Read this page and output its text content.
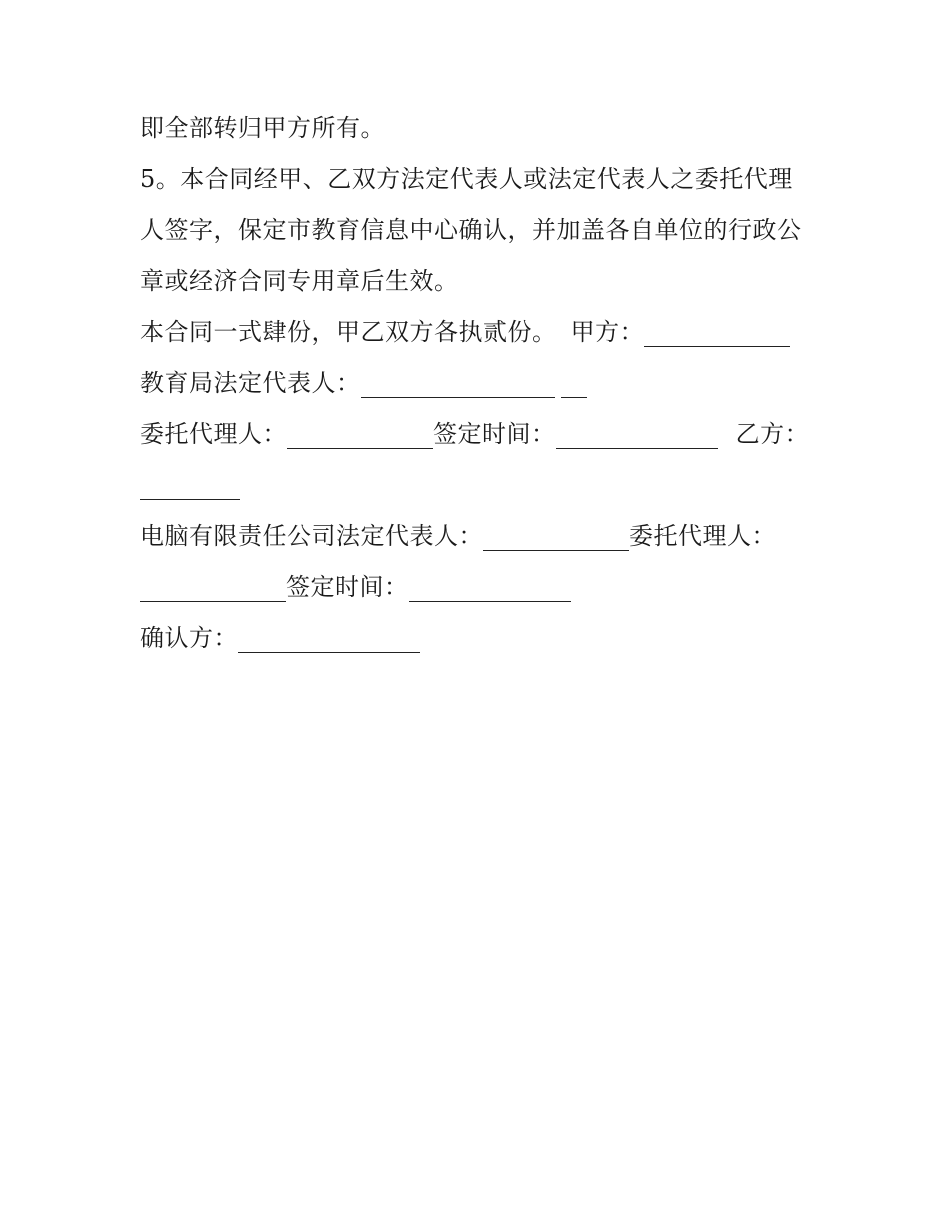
即全部转归甲方所有。
5。本合同经甲、乙双方法定代表人或法定代表人之委托代理
人签字，保定市教育信息中心确认，并加盖各自单位的行政公
章或经济合同专用章后生效。
本合同一式肆份，甲乙双方各执贰份。 甲方：
教育局法定代表人：
委托代理人：	签定时间：	乙方：
电脑有限责任公司法定代表人：	委托代理人：
签定时间：
确认方：
